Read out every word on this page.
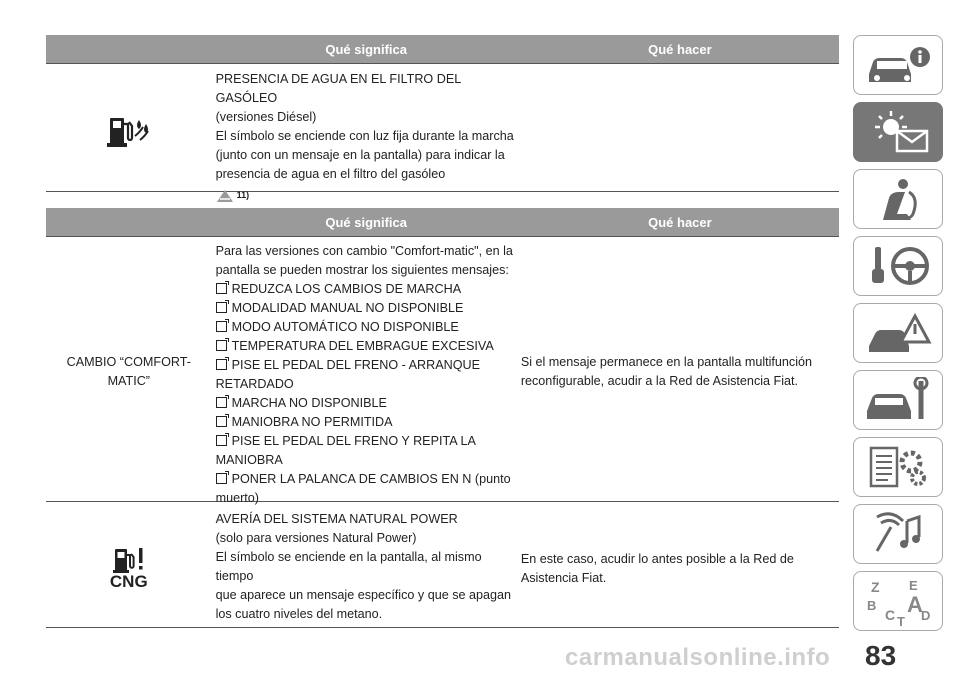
Qué significa	Qué hacer
PRESENCIA DE AGUA EN EL FILTRO DEL GASÓLEO
(versiones Diésel)
El símbolo se enciende con luz fija durante la marcha
(junto con un mensaje en la pantalla) para indicar la
presencia de agua en el filtro del gasóleo
11)
Qué significa	Qué hacer
CAMBIO “COMFORT-
MATIC”
Para las versiones con cambio "Comfort-matic", en la
pantalla se pueden mostrar los siguientes mensajes:
REDUZCA LOS CAMBIOS DE MARCHA
MODALIDAD MANUAL NO DISPONIBLE
MODO AUTOMÁTICO NO DISPONIBLE
TEMPERATURA DEL EMBRAGUE EXCESIVA
PISE EL PEDAL DEL FRENO - ARRANQUE RETARDADO
MARCHA NO DISPONIBLE
MANIOBRA NO PERMITIDA
PISE EL PEDAL DEL FRENO Y REPITA LA MANIOBRA
PONER LA PALANCA DE CAMBIOS EN N (punto muerto)
Si el mensaje permanece en la pantalla multifunción
reconfigurable, acudir a la Red de Asistencia Fiat.
CNG
AVERÍA DEL SISTEMA NATURAL POWER
(solo para versiones Natural Power)
El símbolo se enciende en la pantalla, al mismo tiempo
que aparece un mensaje específico y que se apagan
los cuatro niveles del metano.
En este caso, acudir lo antes posible a la Red de
Asistencia Fiat.
Z E
B A
C D
T
carmanualsonline.info 83
